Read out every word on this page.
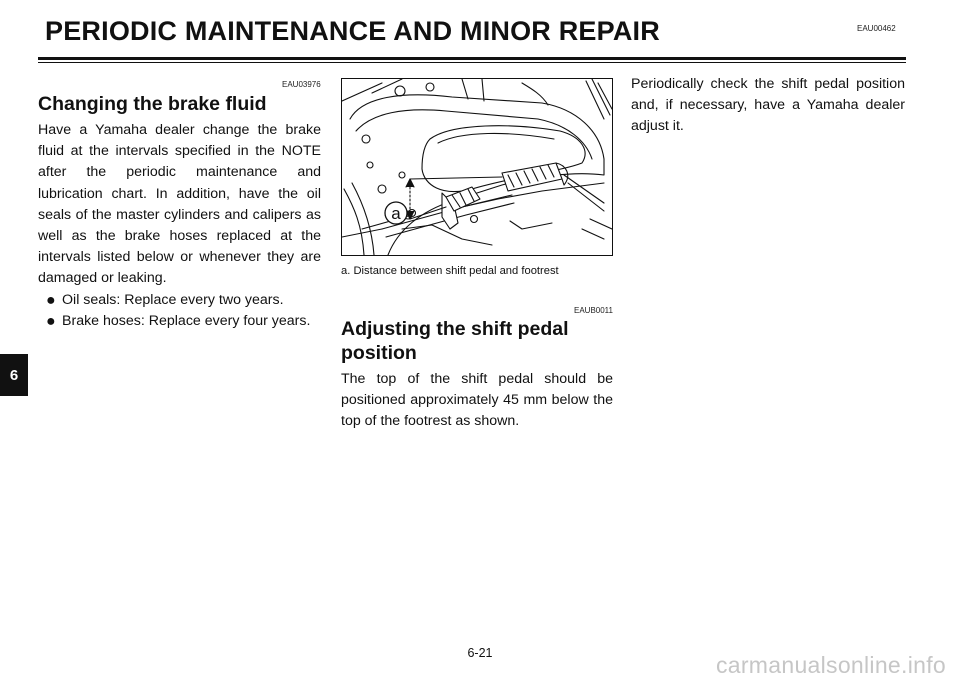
PERIODIC MAINTENANCE AND MINOR REPAIR	EAU00462
EAU03976
Changing the brake fluid

Have a Yamaha dealer change the brake fluid at the intervals specified in the NOTE after the periodic maintenance and lubrication chart. In addition, have the oil seals of the master cylinders and calipers as well as the brake hoses replaced at the intervals listed below or whenever they are damaged or leaking.

● Oil seals: Replace every two years.
● Brake hoses: Replace every four years.
a
a. Distance between shift pedal and footrest
EAUB0011
Adjusting the shift pedal position

The top of the shift pedal should be positioned approximately 45 mm below the top of the footrest as shown.

Periodically check the shift pedal position and, if necessary, have a Yamaha dealer adjust it.

6
6-21	carmanualsonline.info
